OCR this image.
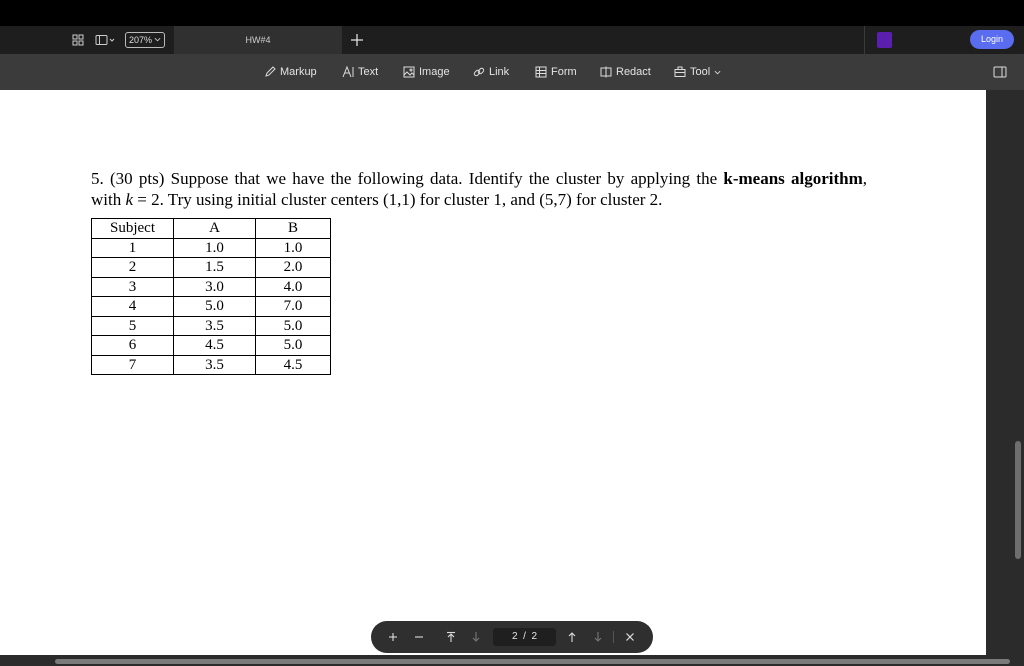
207%	HW#4	Login
Markup	Text	Image	Link	Form	Redact	Tool
5. (30 pts) Suppose that we have the following data. Identify the cluster by applying the k-means algorithm, with k = 2. Try using initial cluster centers (1,1) for cluster 1, and (5,7) for cluster 2.
Subject	A	B
1	1.0	1.0
2	1.5	2.0
3	3.0	4.0
4	5.0	7.0
5	3.5	5.0
6	4.5	5.0
7	3.5	4.5
2 / 2
